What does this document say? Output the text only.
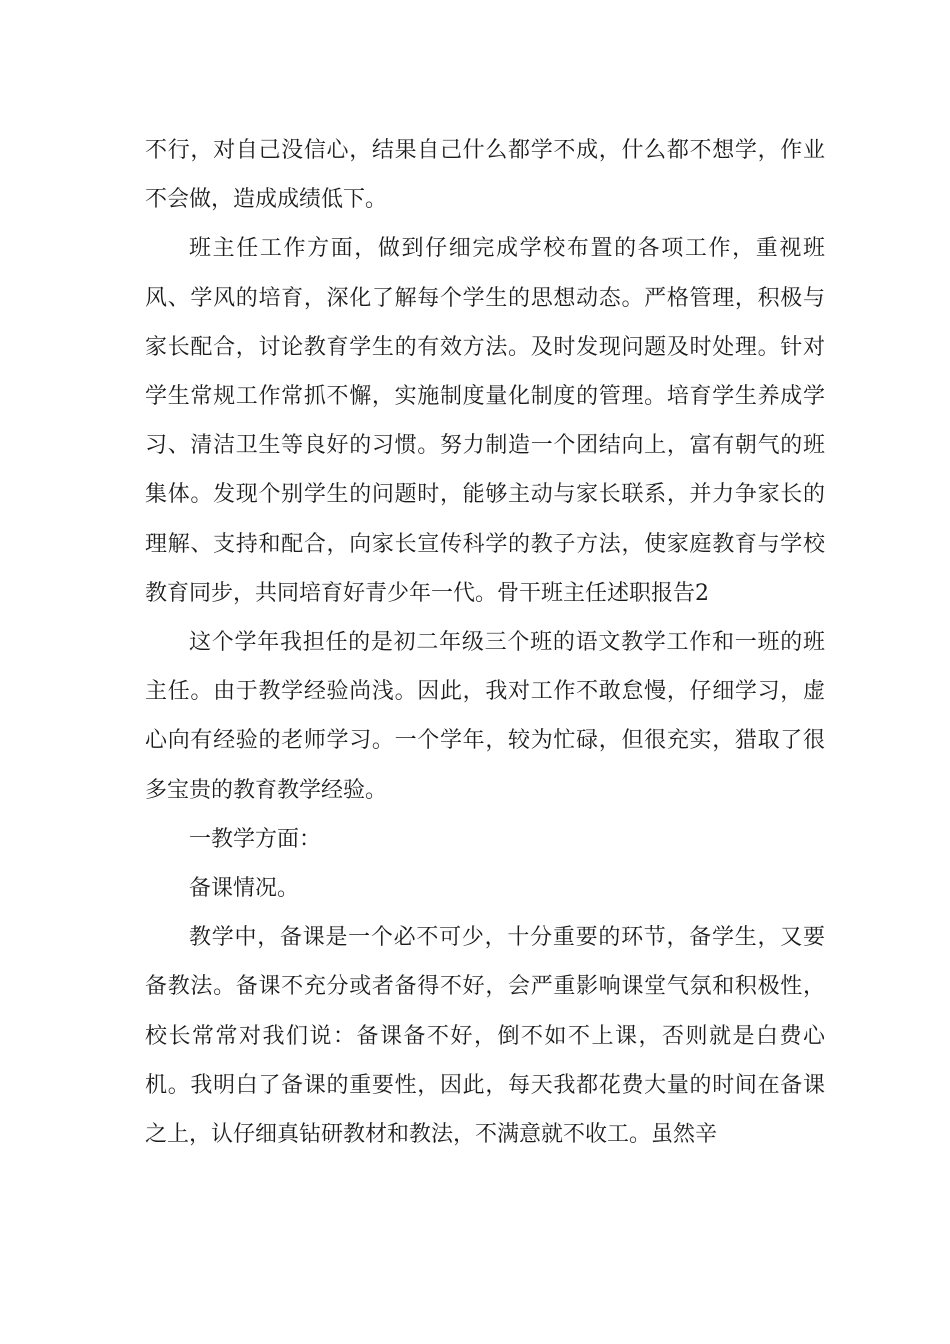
不行，对自己没信心，结果自己什么都学不成，什么都不想学，作业不会做，造成成绩低下。

班主任工作方面，做到仔细完成学校布置的各项工作，重视班风、学风的培育，深化了解每个学生的思想动态。严格管理，积极与家长配合，讨论教育学生的有效方法。及时发现问题及时处理。针对学生常规工作常抓不懈，实施制度量化制度的管理。培育学生养成学习、清洁卫生等良好的习惯。努力制造一个团结向上，富有朝气的班集体。发现个别学生的问题时，能够主动与家长联系，并力争家长的理解、支持和配合，向家长宣传科学的教子方法，使家庭教育与学校教育同步，共同培育好青少年一代。骨干班主任述职报告2

这个学年我担任的是初二年级三个班的语文教学工作和一班的班主任。由于教学经验尚浅。因此，我对工作不敢怠慢，仔细学习，虚心向有经验的老师学习。一个学年，较为忙碌，但很充实，猎取了很多宝贵的教育教学经验。

一教学方面：

备课情况。

教学中，备课是一个必不可少，十分重要的环节，备学生，又要备教法。备课不充分或者备得不好，会严重影响课堂气氛和积极性，校长常常对我们说：备课备不好，倒不如不上课，否则就是白费心机。我明白了备课的重要性，因此，每天我都花费大量的时间在备课之上，认仔细真钻研教材和教法，不满意就不收工。虽然辛
